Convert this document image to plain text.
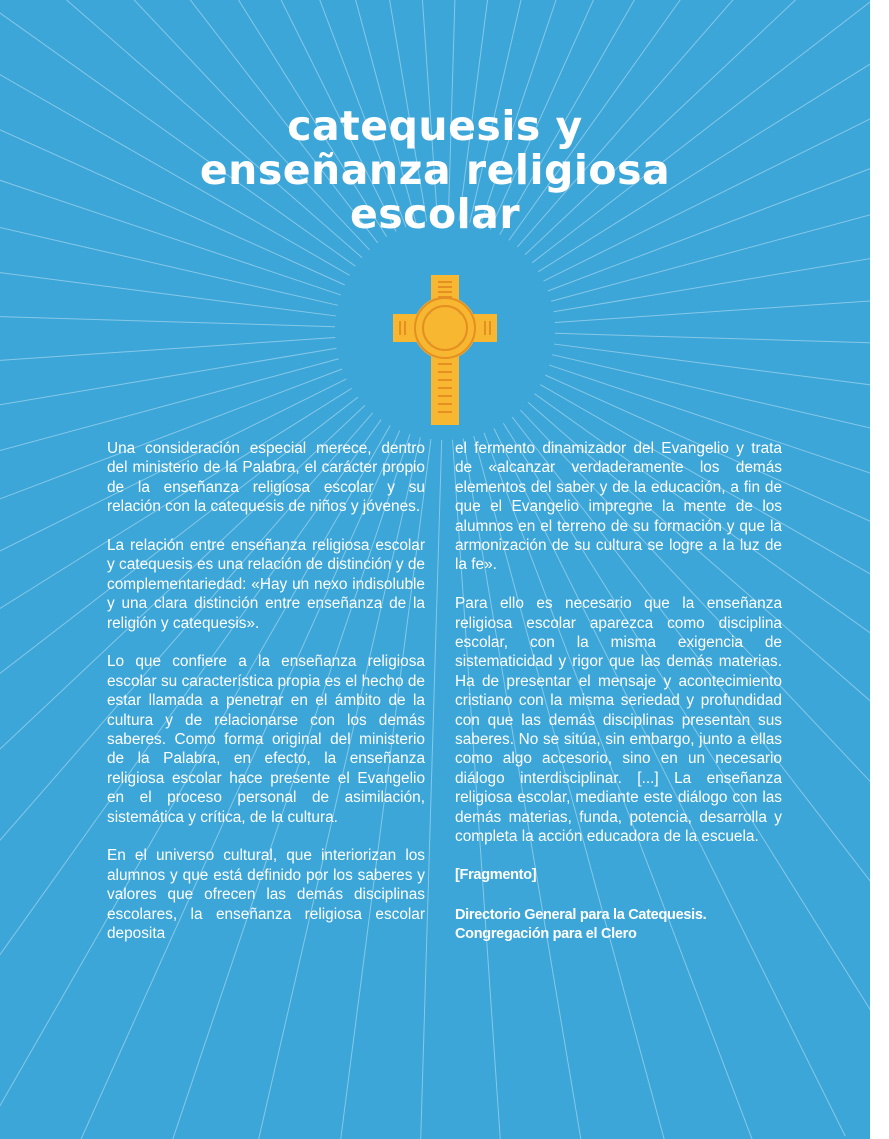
catequesis y
enseñanza religiosa
escolar

Una consideración especial merece, dentro del ministerio de la Palabra, el carácter propio de la enseñanza religiosa escolar y su relación con la catequesis de niños y jóvenes.

La relación entre enseñanza religiosa escolar y catequesis es una relación de distinción y de complementariedad: «Hay un nexo indisoluble y una clara distinción entre enseñanza de la religión y catequesis».

Lo que confiere a la enseñanza religiosa escolar su característica propia es el hecho de estar llamada a penetrar en el ámbito de la cultura y de relacionarse con los demás saberes. Como forma original del ministerio de la Palabra, en efecto, la enseñanza religiosa escolar hace presente el Evangelio en el proceso personal de asimilación, sistemática y crítica, de la cultura.

En el universo cultural, que interiorizan los alumnos y que está definido por los saberes y valores que ofrecen las demás disciplinas escolares, la enseñanza religiosa escolar deposita

el fermento dinamizador del Evangelio y trata de «alcanzar verdaderamente los demás elementos del saber y de la educación, a fin de que el Evangelio impregne la mente de los alumnos en el terreno de su formación y que la armonización de su cultura se logre a la luz de la fe».

Para ello es necesario que la enseñanza religiosa escolar aparezca como disciplina escolar, con la misma exigencia de sistematicidad y rigor que las demás materias. Ha de presentar el mensaje y acontecimiento cristiano con la misma seriedad y profundidad con que las demás disciplinas presentan sus saberes. No se sitúa, sin embargo, junto a ellas como algo accesorio, sino en un necesario diálogo interdisciplinar. [...] La enseñanza religiosa escolar, mediante este diálogo con las demás materias, funda, potencia, desarrolla y completa la acción educadora de la escuela.

[Fragmento]
Directorio General para la Catequesis.
Congregación para el Clero
